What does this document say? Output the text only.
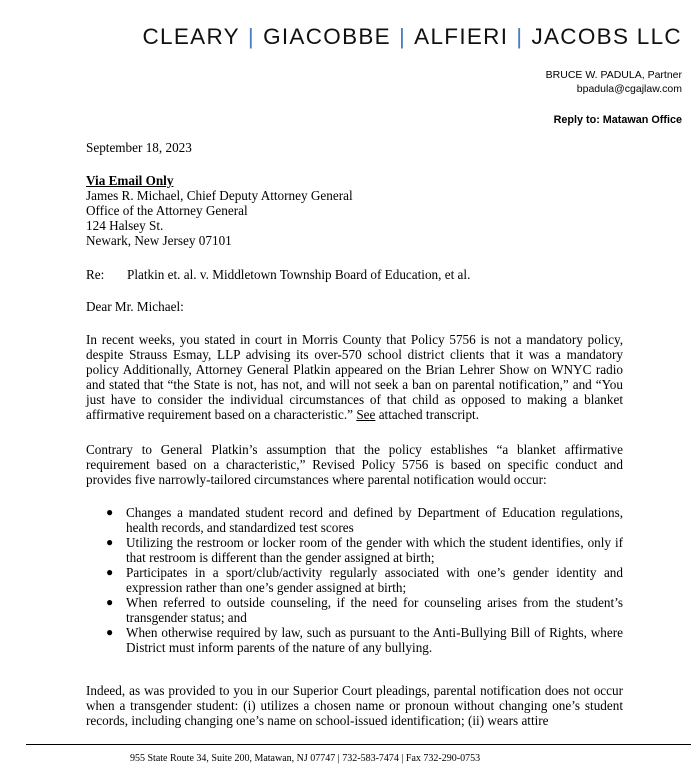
CLEARY | GIACOBBE | ALFIERI | JACOBS LLC
BRUCE W. PADULA, Partner
bpadula@cgajlaw.com
Reply to: Matawan Office
September 18, 2023
Via Email Only
James R. Michael, Chief Deputy Attorney General
Office of the Attorney General
124 Halsey St.
Newark, New Jersey 07101
Re: Platkin et. al. v. Middletown Township Board of Education, et al.
Dear Mr. Michael:
In recent weeks, you stated in court in Morris County that Policy 5756 is not a mandatory policy, despite Strauss Esmay, LLP advising its over-570 school district clients that it was a mandatory policy Additionally, Attorney General Platkin appeared on the Brian Lehrer Show on WNYC radio and stated that “the State is not, has not, and will not seek a ban on parental notification,” and “You just have to consider the individual circumstances of that child as opposed to making a blanket affirmative requirement based on a characteristic.” See attached transcript.
Contrary to General Platkin’s assumption that the policy establishes “a blanket affirmative requirement based on a characteristic,” Revised Policy 5756 is based on specific conduct and provides five narrowly-tailored circumstances where parental notification would occur:
● Changes a mandated student record and defined by Department of Education regulations, health records, and standardized test scores
● Utilizing the restroom or locker room of the gender with which the student identifies, only if that restroom is different than the gender assigned at birth;
● Participates in a sport/club/activity regularly associated with one’s gender identity and expression rather than one’s gender assigned at birth;
● When referred to outside counseling, if the need for counseling arises from the student’s transgender status; and
● When otherwise required by law, such as pursuant to the Anti-Bullying Bill of Rights, where District must inform parents of the nature of any bullying.
Indeed, as was provided to you in our Superior Court pleadings, parental notification does not occur when a transgender student: (i) utilizes a chosen name or pronoun without changing one’s student records, including changing one’s name on school-issued identification; (ii) wears attire
955 State Route 34, Suite 200, Matawan, NJ 07747 | 732-583-7474 | Fax 732-290-0753
